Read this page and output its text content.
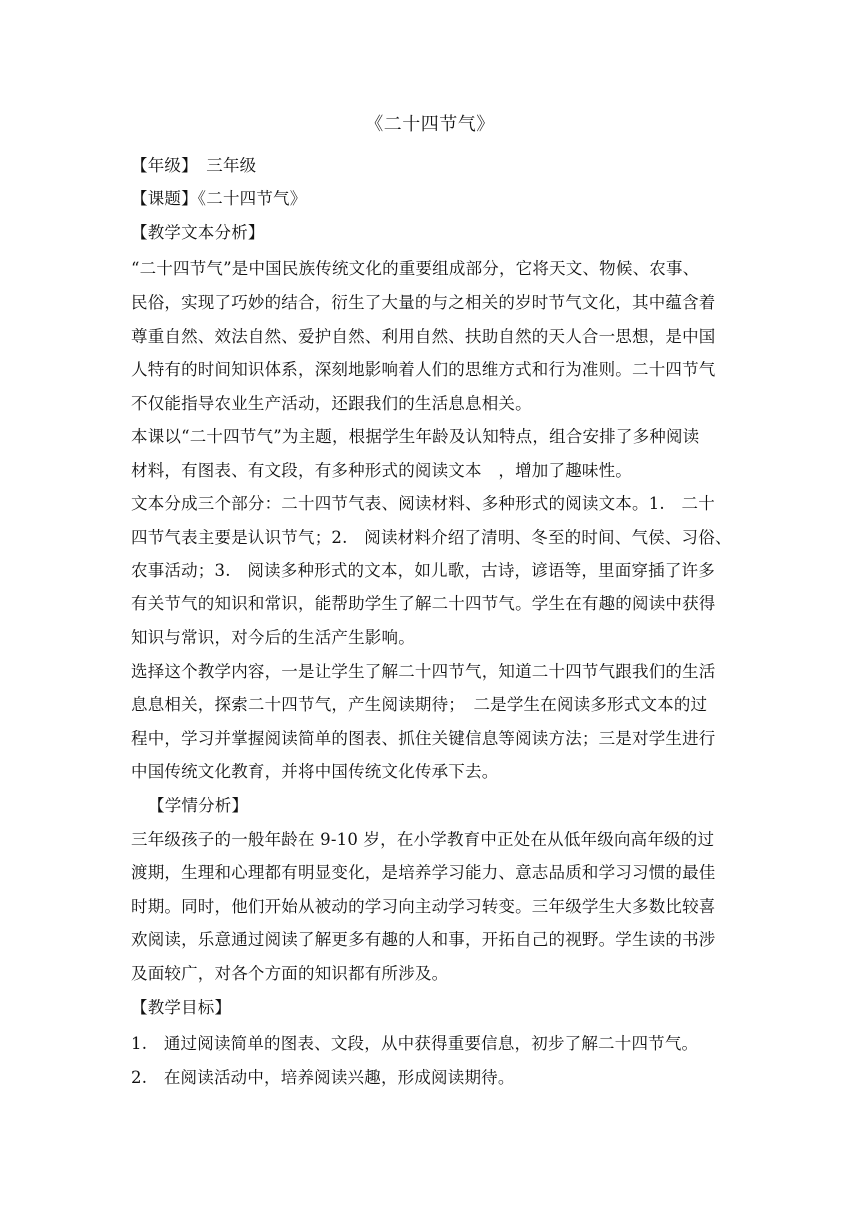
《二十四节气》
【年级】　三年级
【课题】《二十四节气》
【教学文本分析】
“二十四节气”是中国民族传统文化的重要组成部分，它将天文、物候、农事、
民俗，实现了巧妙的结合，衍生了大量的与之相关的岁时节气文化，其中蕴含着
尊重自然、效法自然、爱护自然、利用自然、扶助自然的天人合一思想，是中国
人特有的时间知识体系，深刻地影响着人们的思维方式和行为准则。二十四节气
不仅能指导农业生产活动，还跟我们的生活息息相关。
本课以“二十四节气”为主题，根据学生年龄及认知特点，组合安排了多种阅读
材料，有图表、有文段，有多种形式的阅读文本　，增加了趣味性。
文本分成三个部分：二十四节气表、阅读材料、多种形式的阅读文本。1.　二十
四节气表主要是认识节气；2.　阅读材料介绍了清明、冬至的时间、气侯、习俗、
农事活动；3.　阅读多种形式的文本，如儿歌，古诗，谚语等，里面穿插了许多
有关节气的知识和常识，能帮助学生了解二十四节气。学生在有趣的阅读中获得
知识与常识，对今后的生活产生影响。
选择这个教学内容，一是让学生了解二十四节气，知道二十四节气跟我们的生活
息息相关，探索二十四节气，产生阅读期待；　二是学生在阅读多形式文本的过
程中，学习并掌握阅读简单的图表、抓住关键信息等阅读方法；三是对学生进行
中国传统文化教育，并将中国传统文化传承下去。
【学情分析】
三年级孩子的一般年龄在 9-10 岁，在小学教育中正处在从低年级向高年级的过
渡期，生理和心理都有明显变化，是培养学习能力、意志品质和学习习惯的最佳
时期。同时，他们开始从被动的学习向主动学习转变。三年级学生大多数比较喜
欢阅读，乐意通过阅读了解更多有趣的人和事，开拓自己的视野。学生读的书涉
及面较广，对各个方面的知识都有所涉及。
【教学目标】
1.　通过阅读简单的图表、文段，从中获得重要信息，初步了解二十四节气。
2.　在阅读活动中，培养阅读兴趣，形成阅读期待。
